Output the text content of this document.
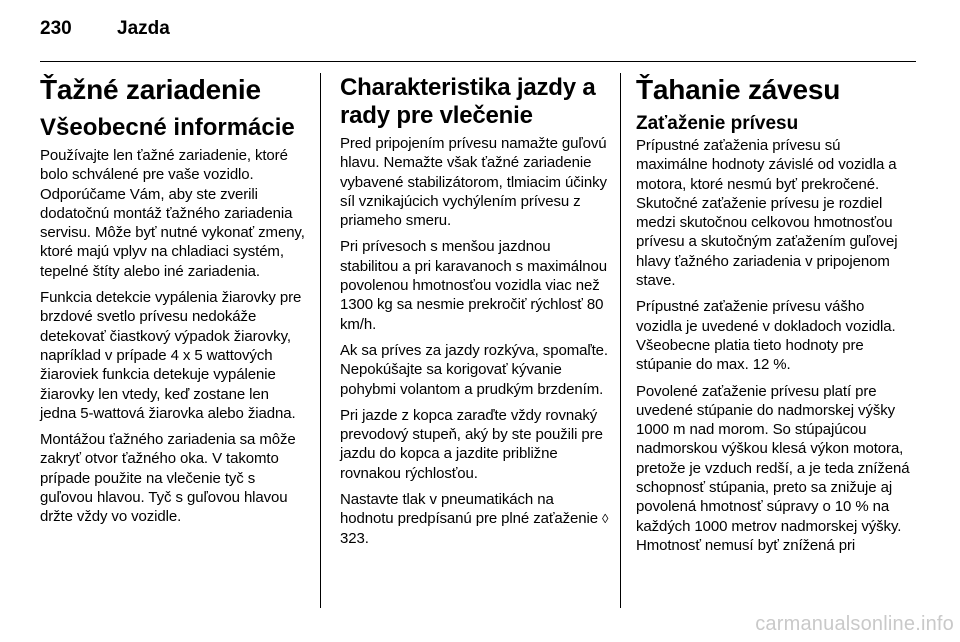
230 Jazda
Ťažné zariadenie
Všeobecné informácie

Používajte len ťažné zariadenie, ktoré bolo schválené pre vaše vozidlo. Odporúčame Vám, aby ste zverili dodatočnú montáž ťažného zariadenia servisu. Môže byť nutné vykonať zmeny, ktoré majú vplyv na chladiaci systém, tepelné štíty alebo iné zariadenia.

Funkcia detekcie vypálenia žiarovky pre brzdové svetlo prívesu nedokáže detekovať čiastkový výpadok žiarovky, napríklad v prípade 4 x 5 wattových žiaroviek funkcia detekuje vypálenie žiarovky len vtedy, keď zostane len jedna 5-wattová žiarovka alebo žiadna.

Montážou ťažného zariadenia sa môže zakryť otvor ťažného oka. V takomto prípade použite na vlečenie tyč s guľovou hlavou. Tyč s guľovou hlavou držte vždy vo vozidle.

Charakteristika jazdy a rady pre vlečenie

Pred pripojením prívesu namažte guľovú hlavu. Nemažte však ťažné zariadenie vybavené stabilizátorom, tlmiacim účinky síl vznikajúcich vychýlením prívesu z priameho smeru.

Pri prívesoch s menšou jazdnou stabilitou a pri karavanoch s maximálnou povolenou hmotnosťou vozidla viac než 1300 kg sa nesmie prekročiť rýchlosť 80 km/h.

Ak sa príves za jazdy rozkýva, spomaľte. Nepokúšajte sa korigovať kývanie pohybmi volantom a prudkým brzdením.

Pri jazde z kopca zaraďte vždy rovnaký prevodový stupeň, aký by ste použili pre jazdu do kopca a jazdite približne rovnakou rýchlosťou.

Nastavte tlak v pneumatikách na hodnotu predpísanú pre plné zaťaženie ◊ 323.

Ťahanie závesu
Zaťaženie prívesu

Prípustné zaťaženia prívesu sú maximálne hodnoty závislé od vozidla a motora, ktoré nesmú byť prekročené. Skutočné zaťaženie prívesu je rozdiel medzi skutočnou celkovou hmotnosťou prívesu a skutočným zaťažením guľovej hlavy ťažného zariadenia v pripojenom stave.

Prípustné zaťaženie prívesu vášho vozidla je uvedené v dokladoch vozidla. Všeobecne platia tieto hodnoty pre stúpanie do max. 12 %.

Povolené zaťaženie prívesu platí pre uvedené stúpanie do nadmorskej výšky 1000 m nad morom. So stúpajúcou nadmorskou výškou klesá výkon motora, pretože je vzduch redší, a je teda znížená schopnosť stúpania, preto sa znižuje aj povolená hmotnosť súpravy o 10 % na každých 1000 metrov nadmorskej výšky. Hmotnosť nemusí byť znížená pri

carmanualsonline.info
